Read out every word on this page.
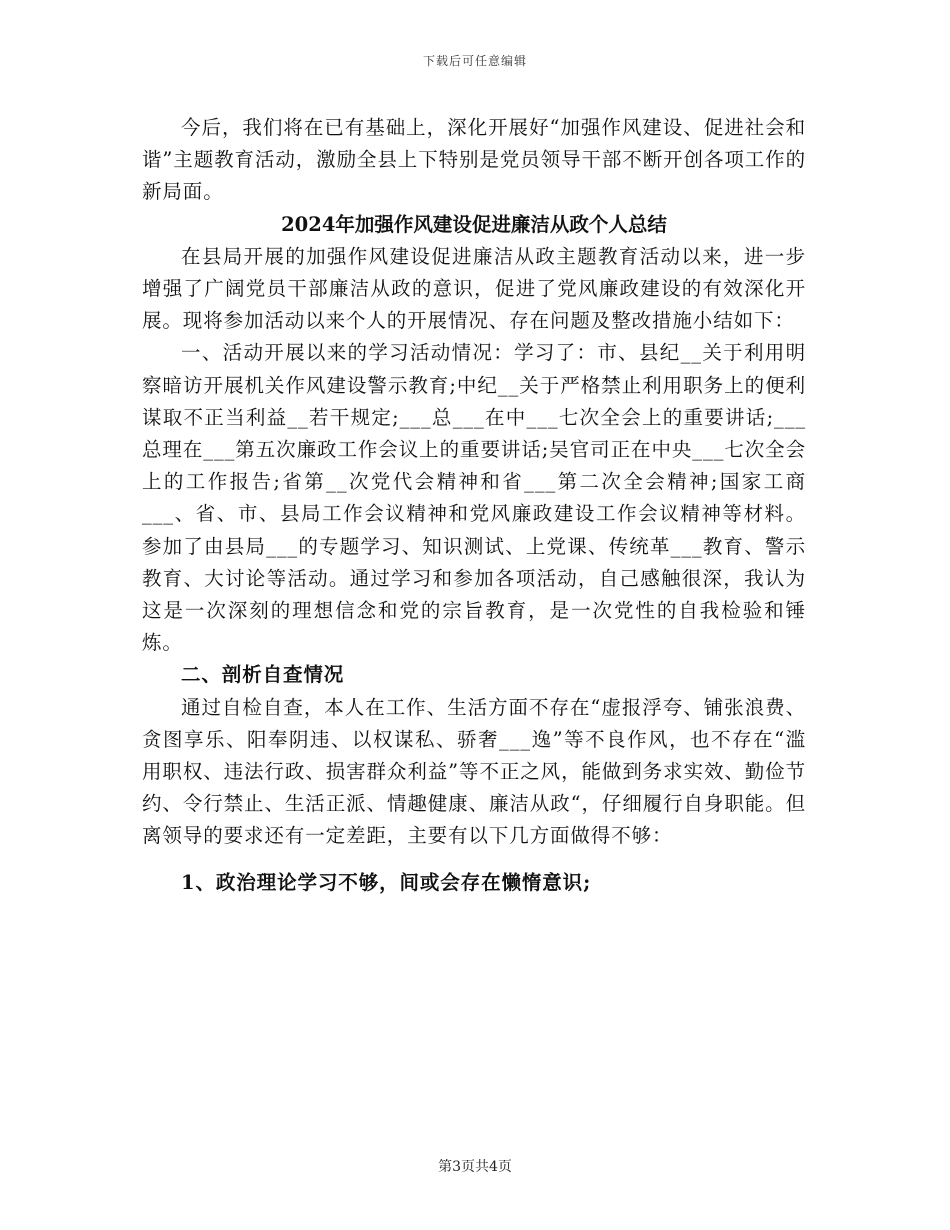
下载后可任意编辑

今后，我们将在已有基础上，深化开展好“加强作风建设、促进社会和谐”主题教育活动，激励全县上下特别是党员领导干部不断开创各项工作的新局面。

2024年加强作风建设促进廉洁从政个人总结

在县局开展的加强作风建设促进廉洁从政主题教育活动以来，进一步增强了广阔党员干部廉洁从政的意识，促进了党风廉政建设的有效深化开展。现将参加活动以来个人的开展情况、存在问题及整改措施小结如下：

一、活动开展以来的学习活动情况：学习了：市、县纪__关于利用明察暗访开展机关作风建设警示教育;中纪__关于严格禁止利用职务上的便利谋取不正当利益__若干规定;___总___在中___七次全会上的重要讲话;___总理在___第五次廉政工作会议上的重要讲话;吴官司正在中央___七次全会上的工作报告;省第__次党代会精神和省___第二次全会精神;国家工商___、省、市、县局工作会议精神和党风廉政建设工作会议精神等材料。参加了由县局___的专题学习、知识测试、上党课、传统革___教育、警示教育、大讨论等活动。通过学习和参加各项活动，自己感触很深，我认为这是一次深刻的理想信念和党的宗旨教育，是一次党性的自我检验和锤炼。

二、剖析自查情况

通过自检自查，本人在工作、生活方面不存在“虚报浮夸、铺张浪费、贪图享乐、阳奉阴违、以权谋私、骄奢___逸”等不良作风，也不存在“滥用职权、违法行政、损害群众利益”等不正之风，能做到务求实效、勤俭节约、令行禁止、生活正派、情趣健康、廉洁从政“，仔细履行自身职能。但离领导的要求还有一定差距，主要有以下几方面做得不够：

1、政治理论学习不够，间或会存在懒惰意识;

第3页共4页
